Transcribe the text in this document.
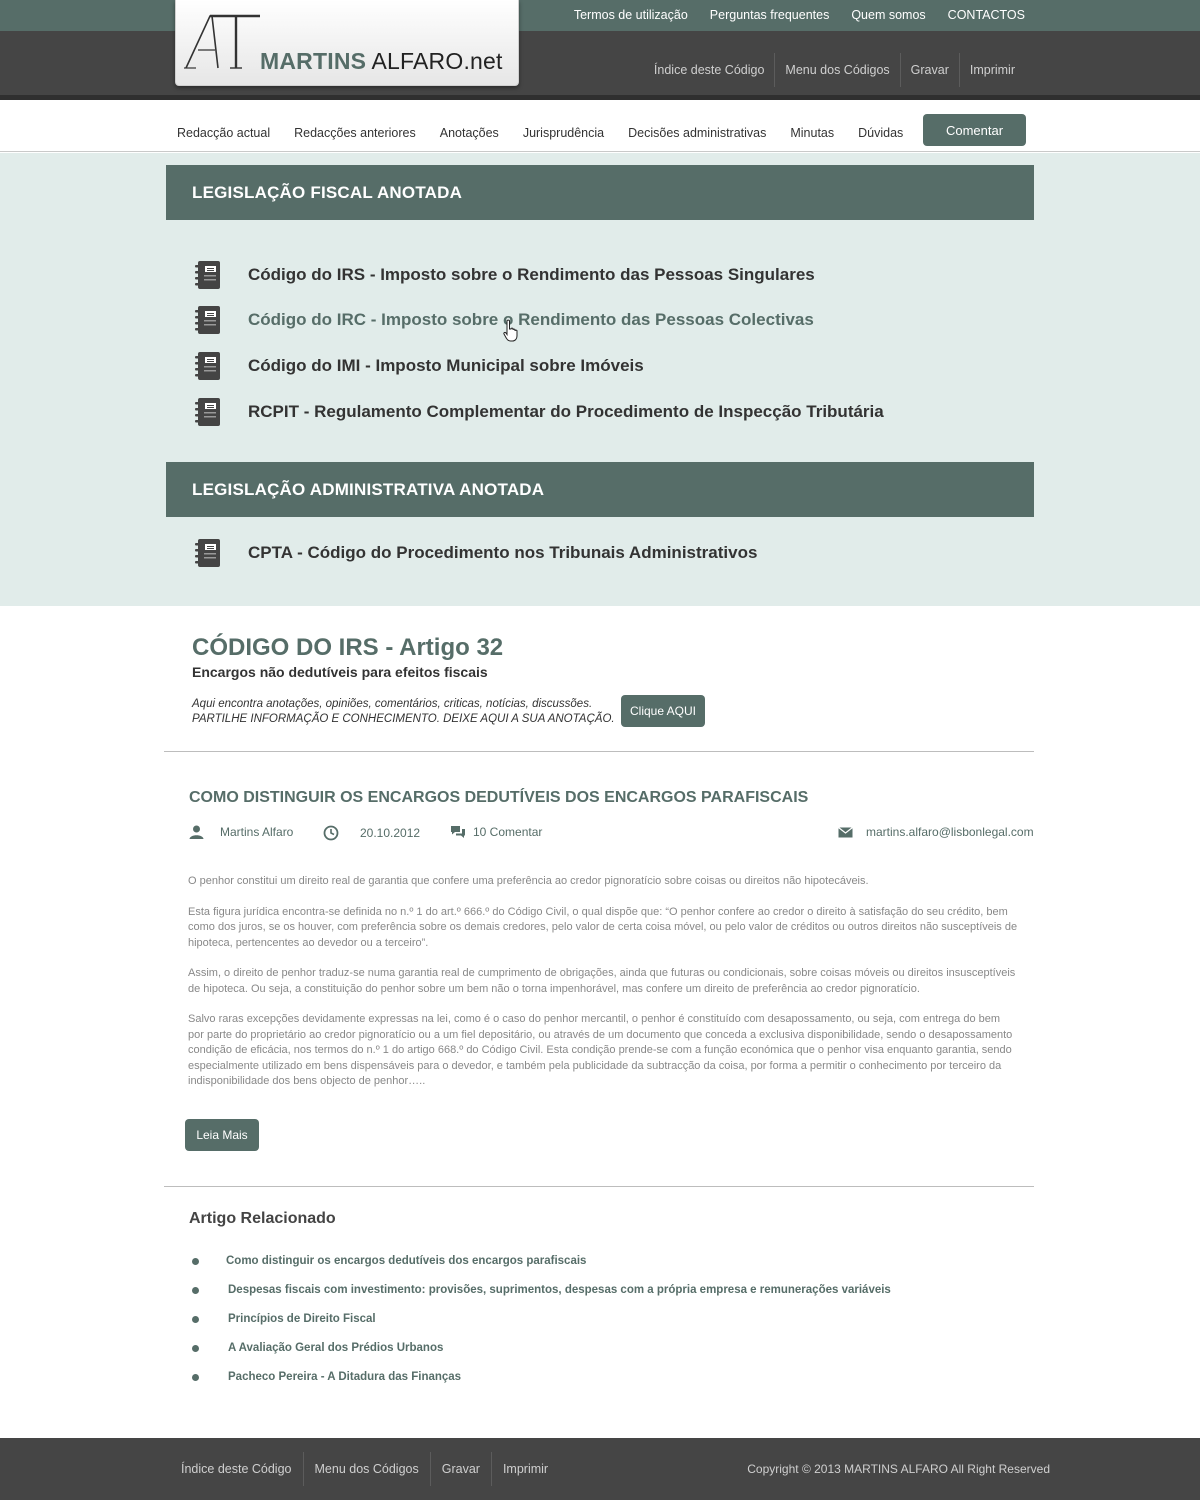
Termos de utilização Perguntas frequentes Quem somos CONTACTOS
MARTINS ALFARO.net	Índice deste Código	Menu dos Códigos	Gravar	Imprimir
Redacção actual Redacções anteriores Anotações Jurisprudência Decisões administrativas Minutas Dúvidas	Comentar
LEGISLAÇÃO FISCAL ANOTADA
Código do IRS - Imposto sobre o Rendimento das Pessoas Singulares
Código do IRC - Imposto sobre o Rendimento das Pessoas Colectivas
Código do IMI - Imposto Municipal sobre Imóveis
RCPIT - Regulamento Complementar do Procedimento de Inspecção Tributária
LEGISLAÇÃO ADMINISTRATIVA ANOTADA
CPTA - Código do Procedimento nos Tribunais Administrativos
CÓDIGO DO IRS - Artigo 32
Encargos não dedutíveis para efeitos fiscais
Aqui encontra anotações, opiniões, comentários, criticas, notícias, discussões.
PARTILHE INFORMAÇÃO E CONHECIMENTO. DEIXE AQUI A SUA ANOTAÇÃO.
Clique AQUI
COMO DISTINGUIR OS ENCARGOS DEDUTÍVEIS DOS ENCARGOS PARAFISCAIS
Martins Alfaro	20.10.2012	10 Comentar	martins.alfaro@lisbonlegal.com

O penhor constitui um direito real de garantia que confere uma preferência ao credor pignoratício sobre coisas ou direitos não hipotecáveis.

Esta figura jurídica encontra-se definida no n.º 1 do art.º 666.º do Código Civil, o qual dispõe que: “O penhor confere ao credor o direito à satisfação do seu crédito, bem como dos juros, se os houver, com preferência sobre os demais credores, pelo valor de certa coisa móvel, ou pelo valor de créditos ou outros direitos não susceptíveis de hipoteca, pertencentes ao devedor ou a terceiro”.

Assim, o direito de penhor traduz-se numa garantia real de cumprimento de obrigações, ainda que futuras ou condicionais, sobre coisas móveis ou direitos insusceptíveis de hipoteca. Ou seja, a constituição do penhor sobre um bem não o torna impenhorável, mas confere um direito de preferência ao credor pignoratício.

Salvo raras excepções devidamente expressas na lei, como é o caso do penhor mercantil, o penhor é constituído com desapossamento, ou seja, com entrega do bem por parte do proprietário ao credor pignoratício ou a um fiel depositário, ou através de um documento que conceda a exclusiva disponibilidade, sendo o desapossamento condição de eficácia, nos termos do n.º 1 do artigo 668.º do Código Civil. Esta condição prende-se com a função económica que o penhor visa enquanto garantia, sendo especialmente utilizado em bens dispensáveis para o devedor, e também pela publicidade da subtracção da coisa, por forma a permitir o conhecimento por terceiro da indisponibilidade dos bens objecto de penhor…..

Leia Mais
Artigo Relacionado
Como distinguir os encargos dedutíveis dos encargos parafiscais
Despesas fiscais com investimento: provisões, suprimentos, despesas com a própria empresa e remunerações variáveis
Princípios de Direito Fiscal
A Avaliação Geral dos Prédios Urbanos
Pacheco Pereira - A Ditadura das Finanças
Índice deste Código	Menu dos Códigos	Gravar	Imprimir	Copyright © 2013 MARTINS ALFARO All Right Reserved
